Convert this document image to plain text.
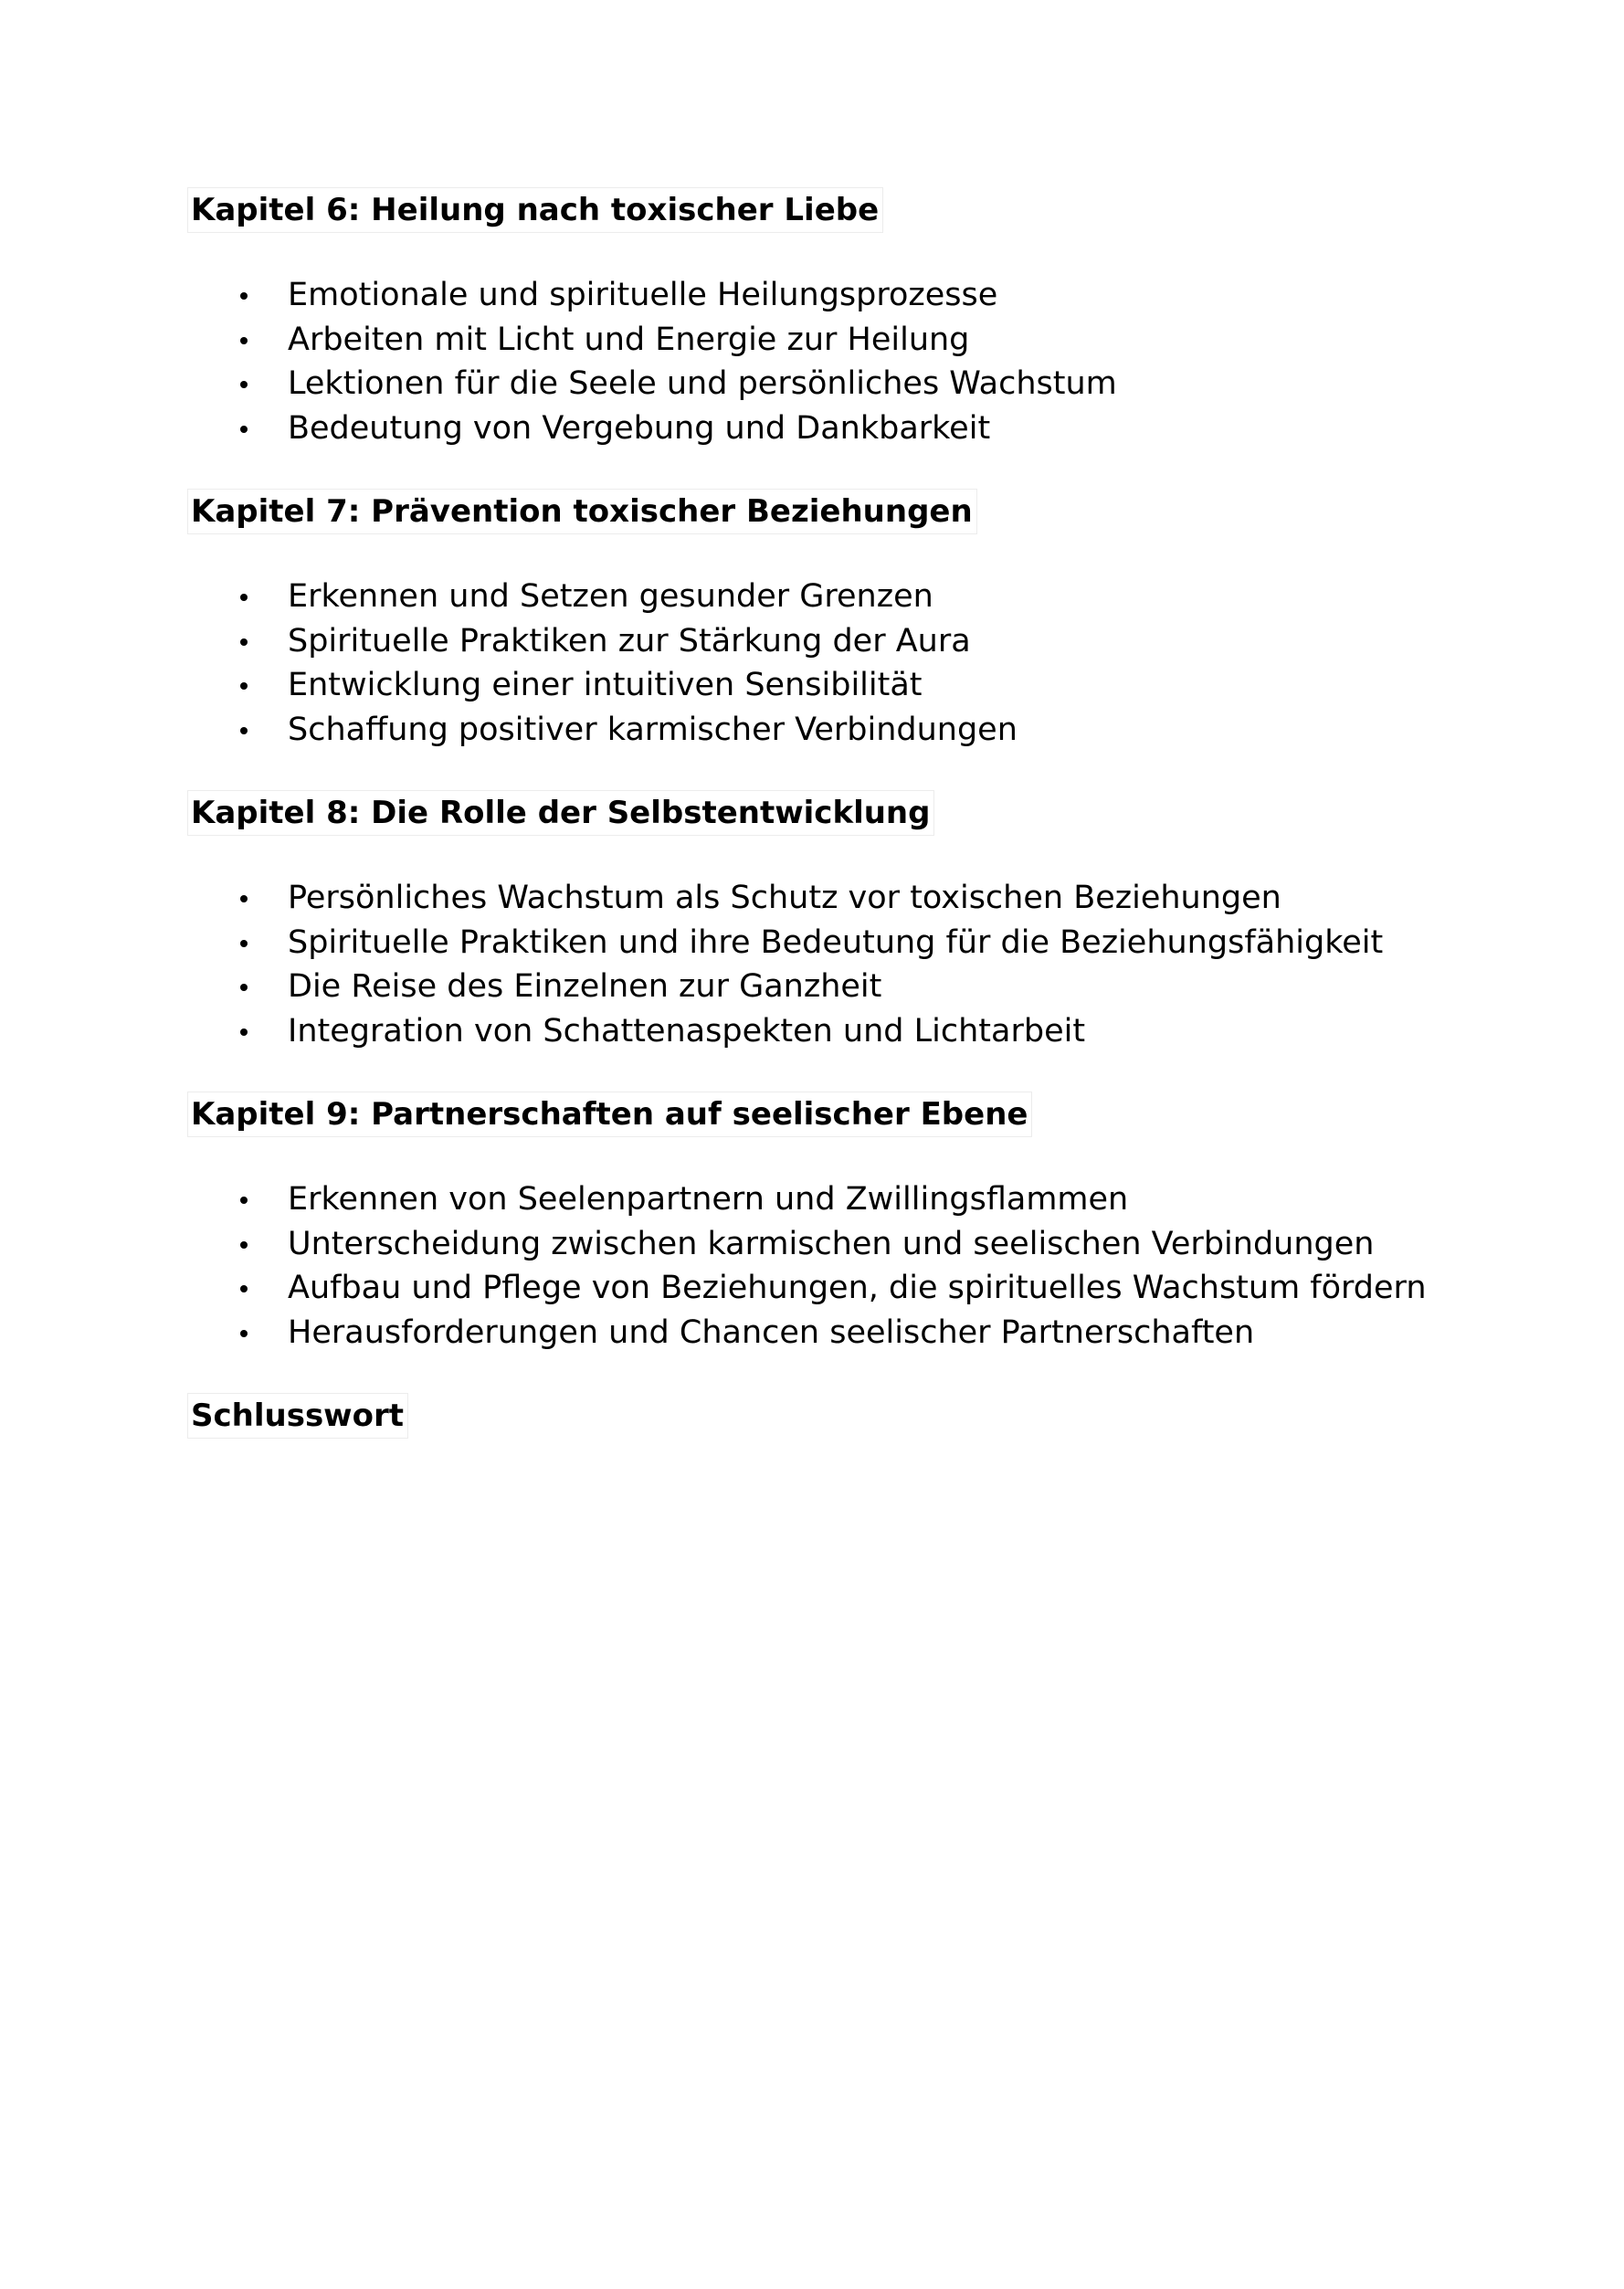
Kapitel 6: Heilung nach toxischer Liebe
Emotionale und spirituelle Heilungsprozesse
Arbeiten mit Licht und Energie zur Heilung
Lektionen für die Seele und persönliches Wachstum
Bedeutung von Vergebung und Dankbarkeit
Kapitel 7: Prävention toxischer Beziehungen
Erkennen und Setzen gesunder Grenzen
Spirituelle Praktiken zur Stärkung der Aura
Entwicklung einer intuitiven Sensibilität
Schaffung positiver karmischer Verbindungen
Kapitel 8: Die Rolle der Selbstentwicklung
Persönliches Wachstum als Schutz vor toxischen Beziehungen
Spirituelle Praktiken und ihre Bedeutung für die Beziehungsfähigkeit
Die Reise des Einzelnen zur Ganzheit
Integration von Schattenaspekten und Lichtarbeit
Kapitel 9: Partnerschaften auf seelischer Ebene
Erkennen von Seelenpartnern und Zwillingsflammen
Unterscheidung zwischen karmischen und seelischen Verbindungen
Aufbau und Pflege von Beziehungen, die spirituelles Wachstum fördern
Herausforderungen und Chancen seelischer Partnerschaften
Schlusswort
